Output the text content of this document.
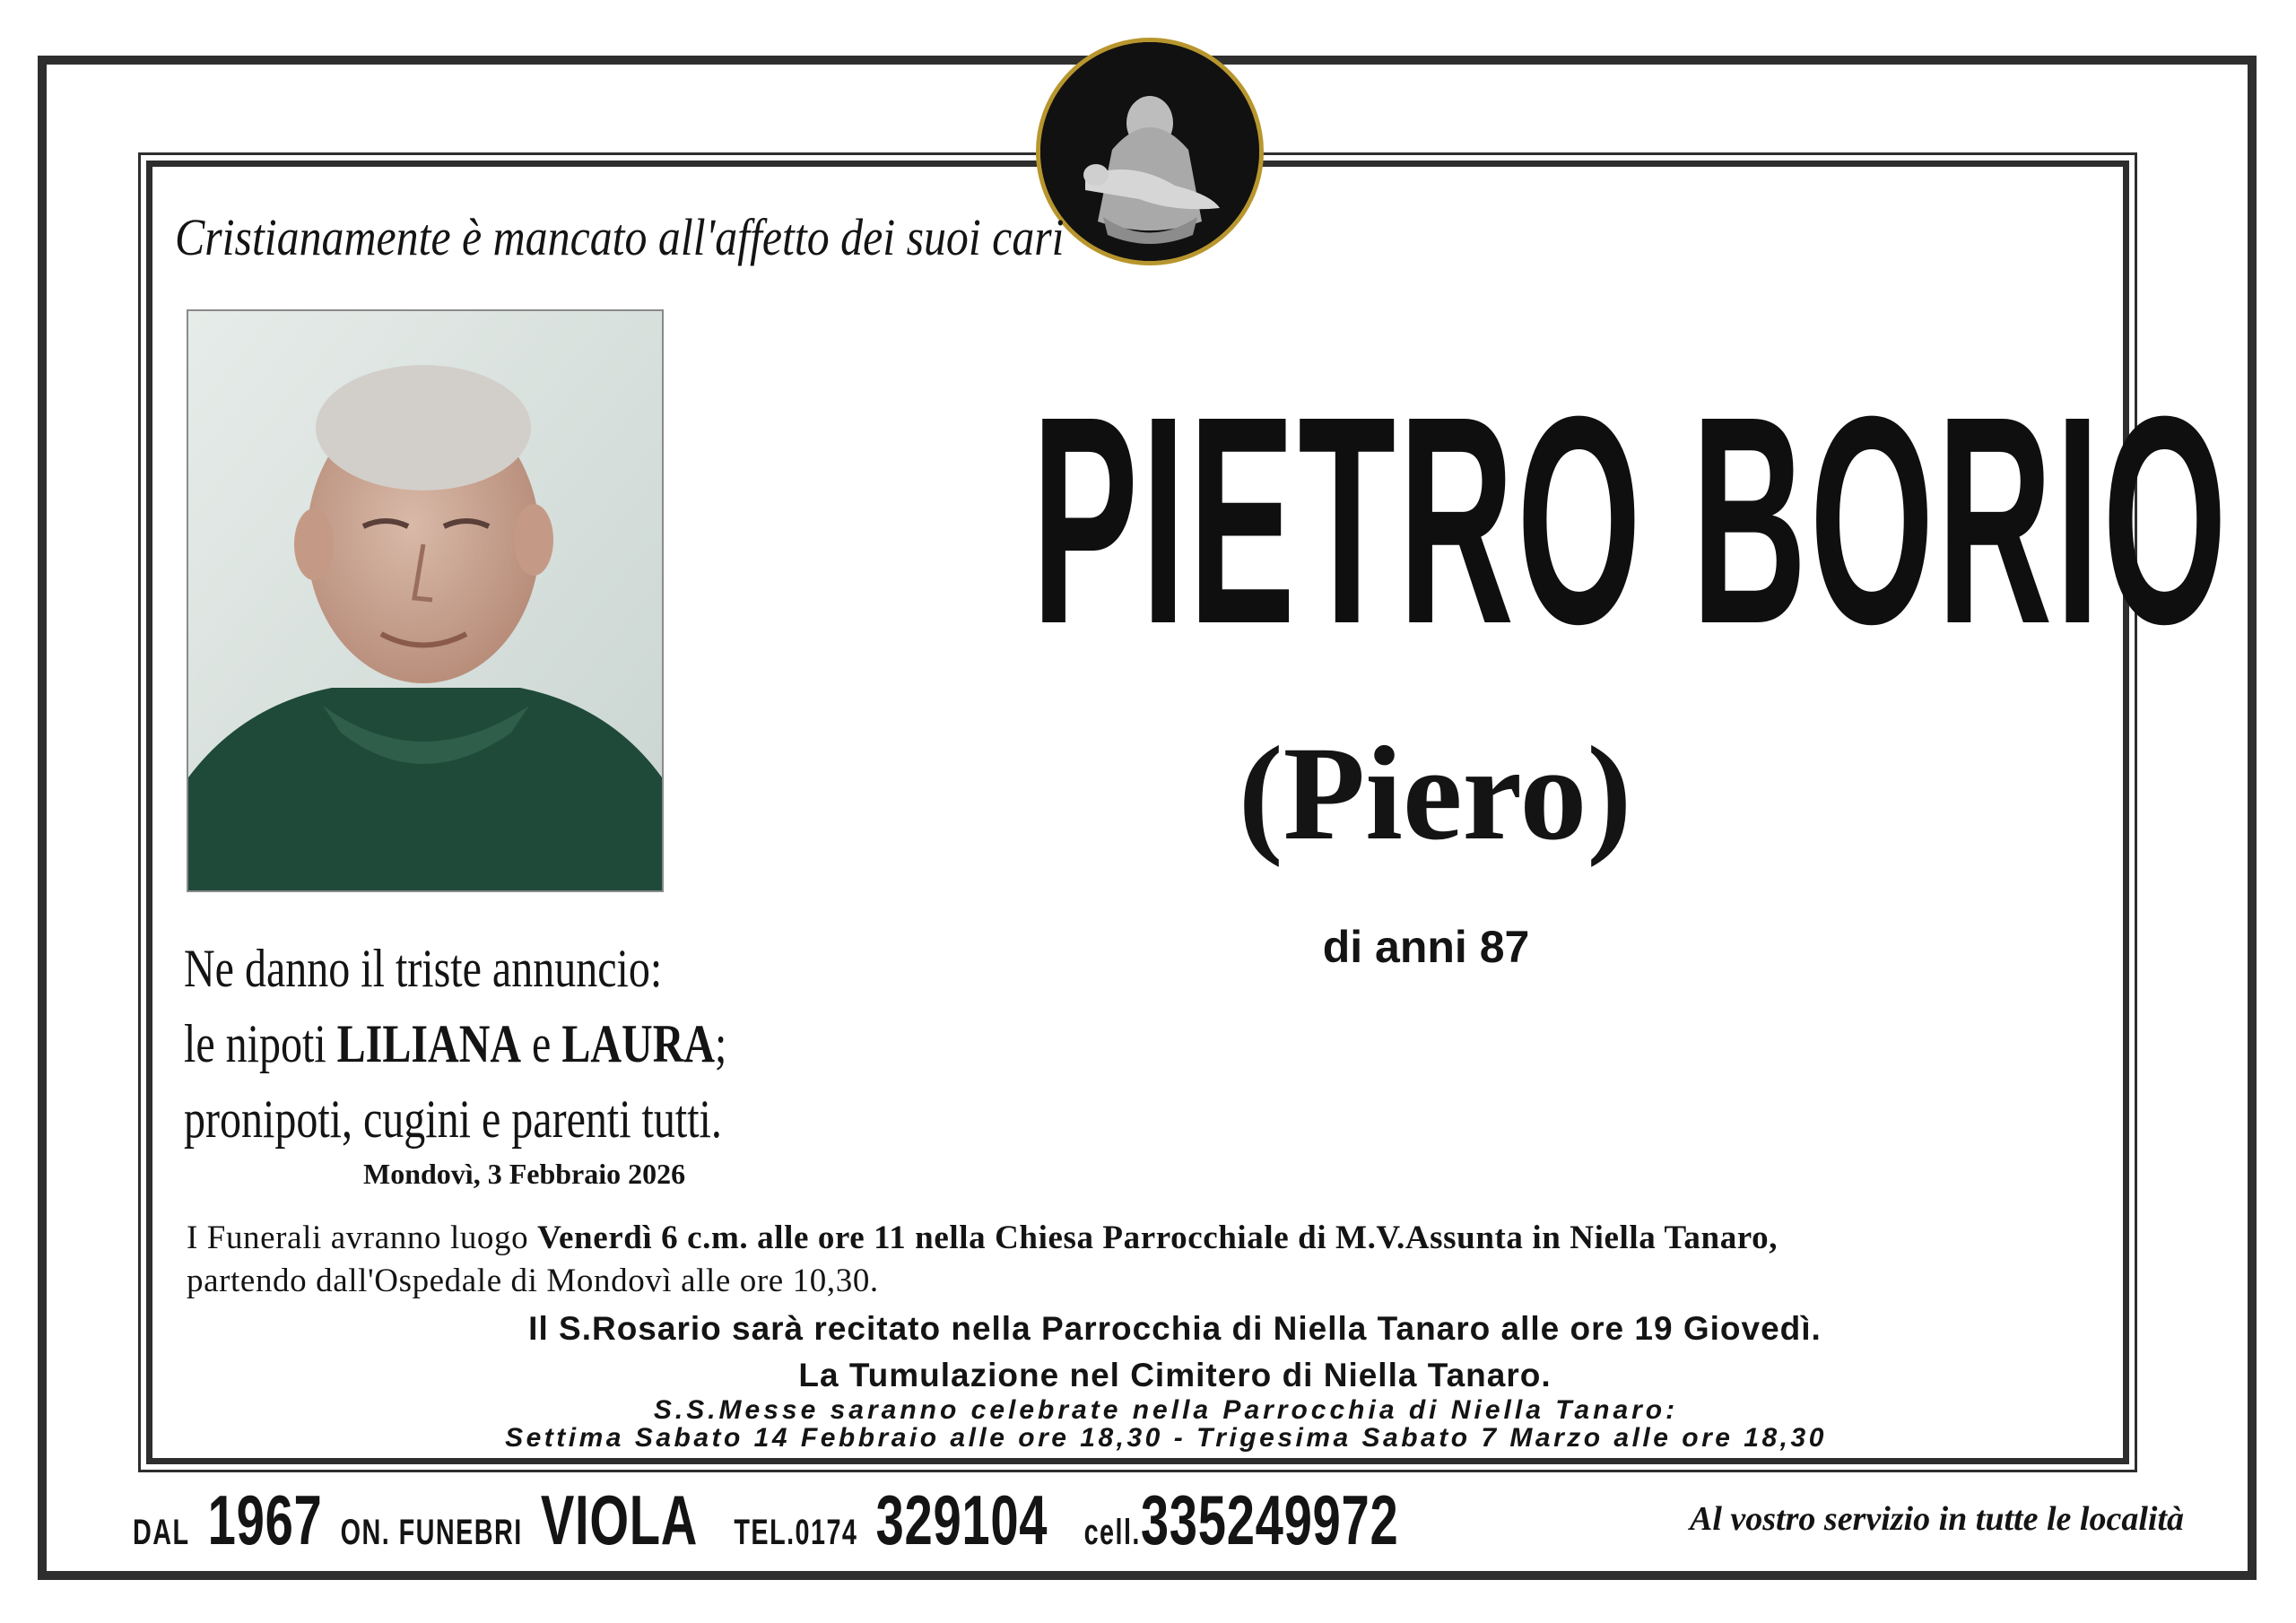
Cristianamente è mancato all'affetto dei suoi cari
PIETRO BORIO
(Piero)
di anni 87
Ne danno il triste annuncio:
le nipoti LILIANA e LAURA;
pronipoti, cugini e parenti tutti.
Mondovì, 3 Febbraio 2026
I Funerali avranno luogo Venerdì 6 c.m. alle ore 11 nella Chiesa Parrocchiale di M.V.Assunta in Niella Tanaro,
partendo dall'Ospedale di Mondovì alle ore 10,30.
Il S.Rosario sarà recitato nella Parrocchia di Niella Tanaro alle ore 19 Giovedì.
La Tumulazione nel Cimitero di Niella Tanaro.
S.S.Messe saranno celebrate nella Parrocchia di Niella Tanaro:
Settima Sabato 14 Febbraio alle ore 18,30 - Trigesima Sabato 7 Marzo alle ore 18,30
DAL 1967 ON. FUNEBRI VIOLA TEL.0174 329104 cell.335249972	Al vostro servizio in tutte le località
